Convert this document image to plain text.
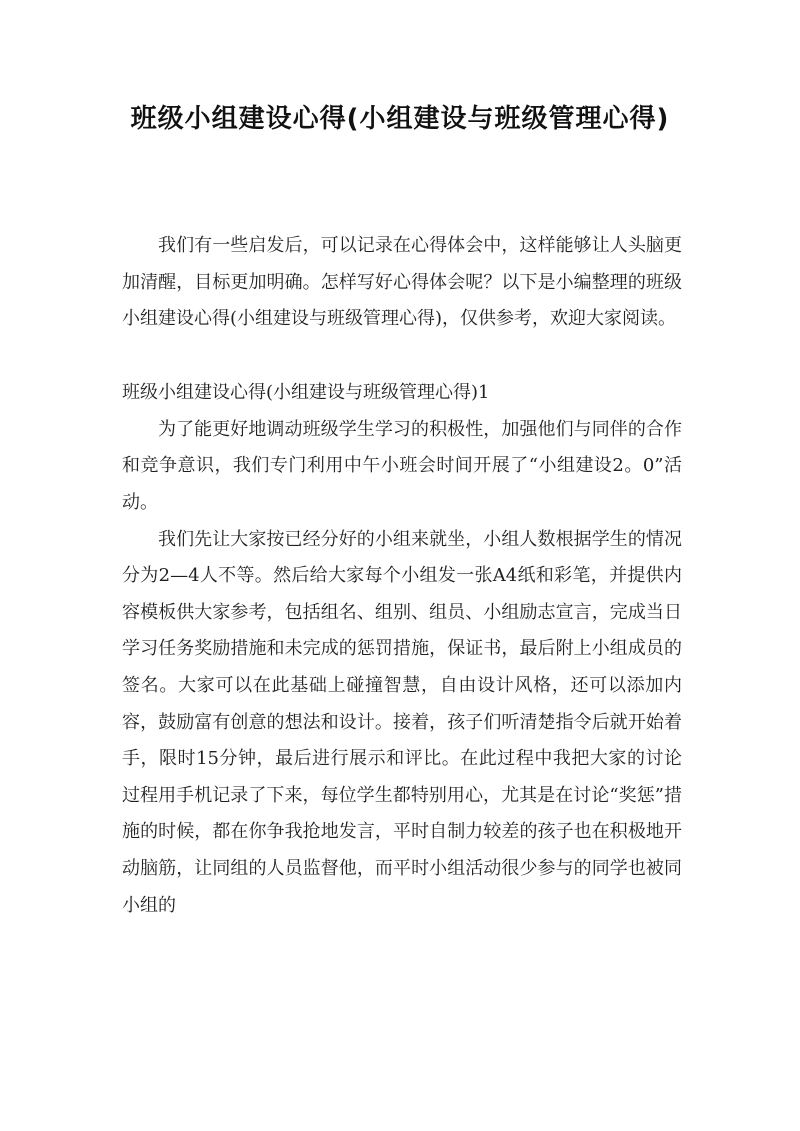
班级小组建设心得(小组建设与班级管理心得)

我们有一些启发后，可以记录在心得体会中，这样能够让人头脑更加清醒，目标更加明确。怎样写好心得体会呢？以下是小编整理的班级小组建设心得(小组建设与班级管理心得)，仅供参考，欢迎大家阅读。

班级小组建设心得(小组建设与班级管理心得)1

为了能更好地调动班级学生学习的积极性，加强他们与同伴的合作和竞争意识，我们专门利用中午小班会时间开展了“小组建设2。0”活动。

我们先让大家按已经分好的小组来就坐，小组人数根据学生的情况分为2—4人不等。然后给大家每个小组发一张A4纸和彩笔，并提供内容模板供大家参考，包括组名、组别、组员、小组励志宣言，完成当日学习任务奖励措施和未完成的惩罚措施，保证书，最后附上小组成员的签名。大家可以在此基础上碰撞智慧，自由设计风格，还可以添加内容，鼓励富有创意的想法和设计。接着，孩子们听清楚指令后就开始着手，限时15分钟，最后进行展示和评比。在此过程中我把大家的讨论过程用手机记录了下来，每位学生都特别用心，尤其是在讨论“奖惩”措施的时候，都在你争我抢地发言，平时自制力较差的孩子也在积极地开动脑筋，让同组的人员监督他，而平时小组活动很少参与的同学也被同小组的
